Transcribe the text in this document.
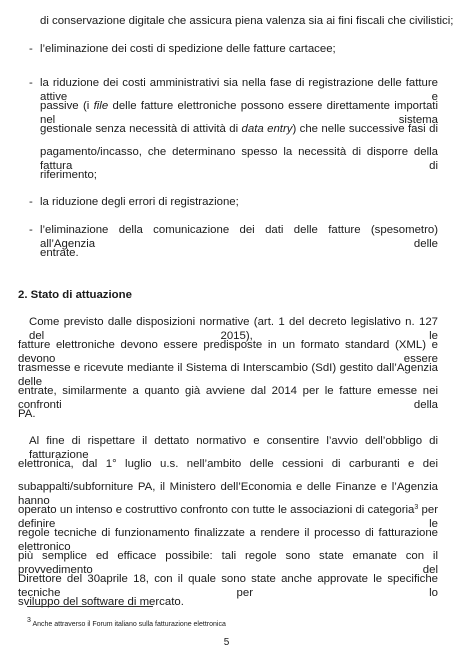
di conservazione digitale che assicura piena valenza sia ai fini fiscali che civilistici;
- l’eliminazione dei costi di spedizione delle fatture cartacee;
- la riduzione dei costi amministrativi sia nella fase di registrazione delle fatture attive e
passive (i file delle fatture elettroniche possono essere direttamente importati nel sistema
gestionale senza necessità di attività di data entry) che nelle successive fasi di
pagamento/incasso, che determinano spesso la necessità di disporre della fattura di
riferimento;
- la riduzione degli errori di registrazione;
- l’eliminazione della comunicazione dei dati delle fatture (spesometro) all’Agenzia delle
entrate.
2. Stato di attuazione
Come previsto dalle disposizioni normative (art. 1 del decreto legislativo n. 127 del 2015), le
fatture elettroniche devono essere predisposte in un formato standard (XML) e devono essere
trasmesse e ricevute mediante il Sistema di Interscambio (SdI) gestito dall’Agenzia delle
entrate, similarmente a quanto già avviene dal 2014 per le fatture emesse nei confronti della
PA.
Al fine di rispettare il dettato normativo e consentire l’avvio dell’obbligo di fatturazione
elettronica, dal 1° luglio u.s. nell’ambito delle cessioni di carburanti e dei
subappalti/subforniture PA, il Ministero dell’Economia e delle Finanze e l’Agenzia hanno
operato un intenso e costruttivo confronto con tutte le associazioni di categoria$^3$ per definire le
regole tecniche di funzionamento finalizzate a rendere il processo di fatturazione elettronico
più semplice ed efficace possibile: tali regole sono state emanate con il provvedimento del
Direttore del 30aprile 18, con il quale sono state anche approvate le specifiche tecniche per lo
sviluppo del software di mercato.
$^3$ Anche attraverso il Forum italiano sulla fatturazione elettronica
5
